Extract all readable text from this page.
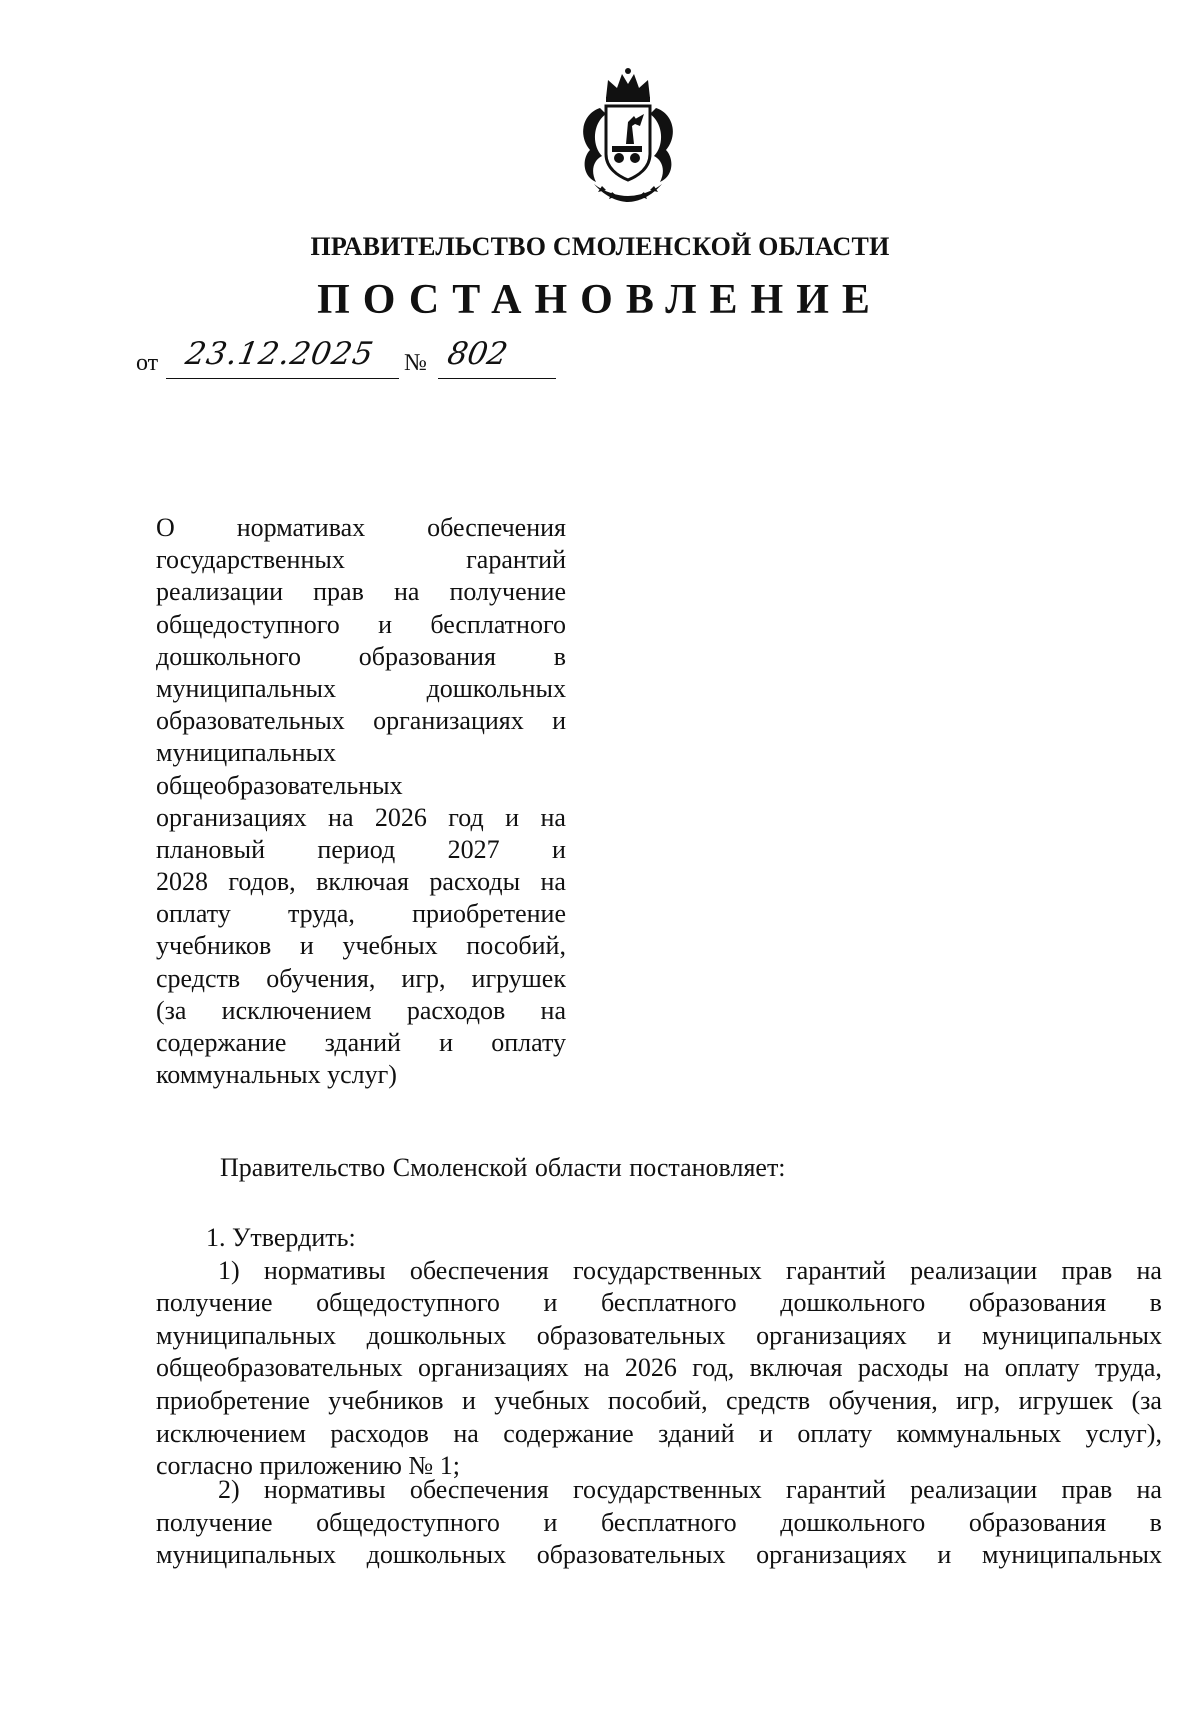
ПРАВИТЕЛЬСТВО СМОЛЕНСКОЙ ОБЛАСТИ
ПОСТАНОВЛЕНИЕ
от 23.12.2025 № 802
О нормативах обеспечения
государственных	гарантий
реализации прав на получение
общедоступного и бесплатного
дошкольного образования в
муниципальных	дошкольных
образовательных организациях и
муниципальных
общеобразовательных
организациях на 2026 год и на
плановый период 2027 и
2028 годов, включая расходы на
оплату труда, приобретение
учебников и учебных пособий,
средств обучения, игр, игрушек
(за исключением расходов на
содержание зданий и оплату
коммунальных услуг)
Правительство Смоленской области постановляет:
1. Утвердить:
1) нормативы обеспечения государственных гарантий реализации прав на
получение общедоступного и бесплатного дошкольного образования в
муниципальных дошкольных образовательных организациях и муниципальных
общеобразовательных организациях на 2026 год, включая расходы на оплату труда,
приобретение учебников и учебных пособий, средств обучения, игр, игрушек (за
исключением расходов на содержание зданий и оплату коммунальных услуг),
согласно приложению № 1;
2) нормативы обеспечения государственных гарантий реализации прав на
получение общедоступного и бесплатного дошкольного образования в
муниципальных дошкольных образовательных организациях и муниципальных
